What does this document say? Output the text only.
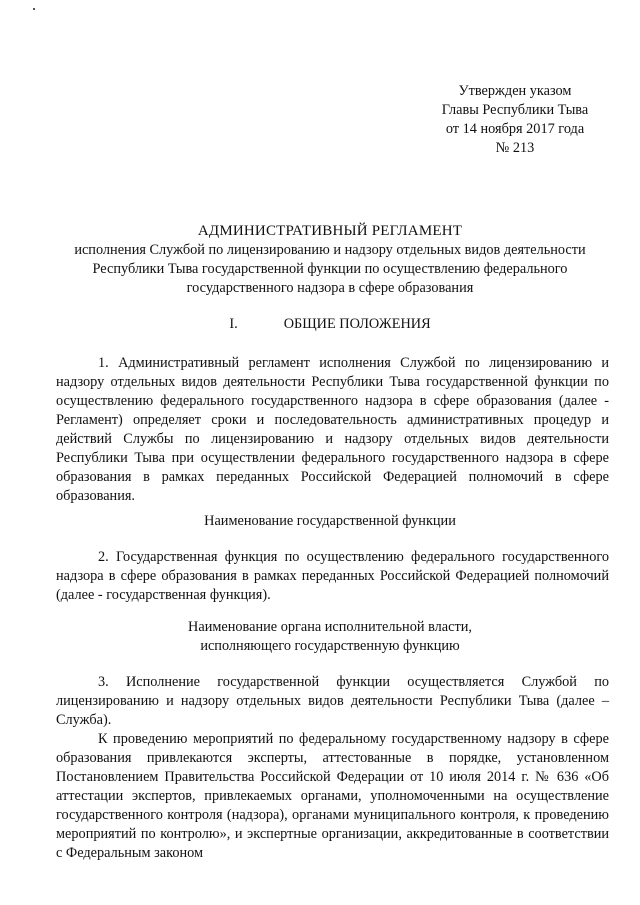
Утвержден указом
Главы Республики Тыва
от 14 ноября 2017 года
№ 213
АДМИНИСТРАТИВНЫЙ РЕГЛАМЕНТ
исполнения Службой по лицензированию и надзору отдельных видов деятельности
Республики Тыва государственной функции по осуществлению федерального
государственного надзора в сфере образования
I.	ОБЩИЕ ПОЛОЖЕНИЯ
1. Административный регламент исполнения Службой по лицензированию и надзору отдельных видов деятельности Республики Тыва государственной функции по осуществлению федерального государственного надзора в сфере образования (далее - Регламент) определяет сроки и последовательность административных процедур и действий Службы по лицензированию и надзору отдельных видов деятельности Республики Тыва при осуществлении федерального государственного надзора в сфере образования в рамках переданных Российской Федерацией полномочий в сфере образования.
Наименование государственной функции
2. Государственная функция по осуществлению федерального государственного надзора в сфере образования в рамках переданных Российской Федерацией полномочий (далее - государственная функция).
Наименование органа исполнительной власти,
исполняющего государственную функцию
3. Исполнение государственной функции осуществляется Службой по лицензированию и надзору отдельных видов деятельности Республики Тыва (далее – Служба).
К проведению мероприятий по федеральному государственному надзору в сфере образования привлекаются эксперты, аттестованные в порядке, установленном Постановлением Правительства Российской Федерации от 10 июля 2014 г. № 636 «Об аттестации экспертов, привлекаемых органами, уполномоченными на осуществление государственного контроля (надзора), органами муниципального контроля, к проведению мероприятий по контролю», и экспертные организации, аккредитованные в соответствии с Федеральным законом
